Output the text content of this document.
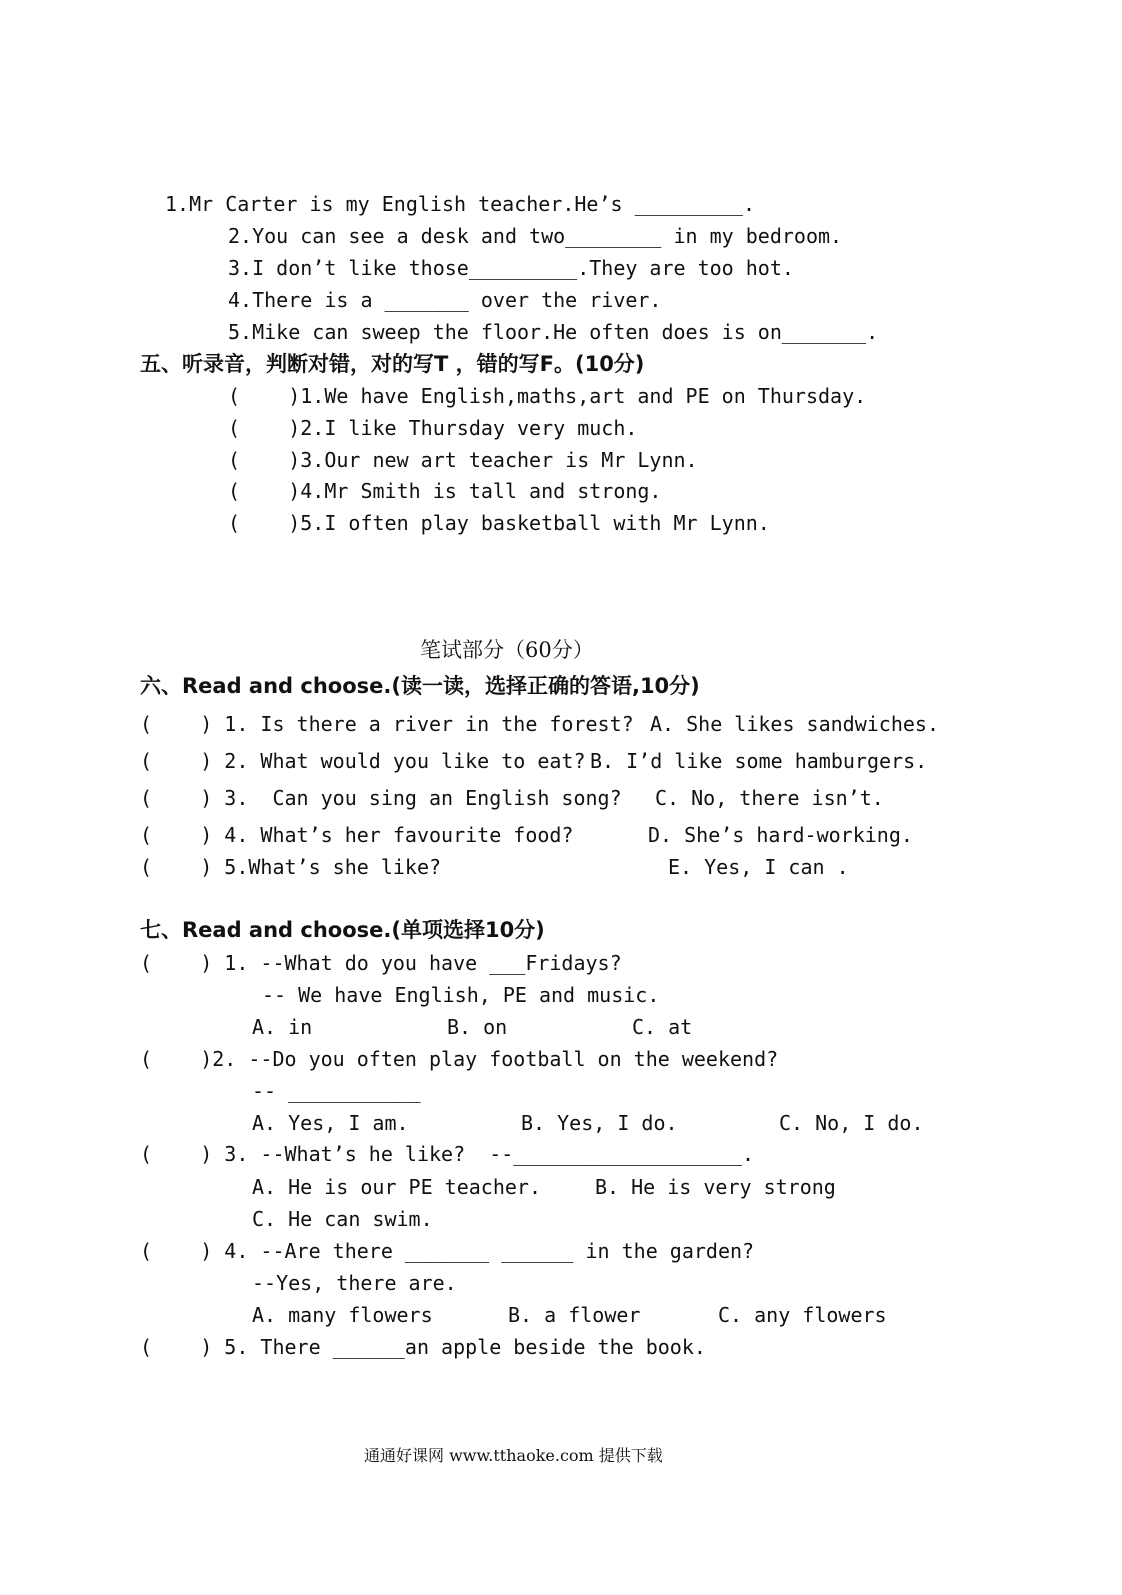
1.Mr Carter is my English teacher.He’s _________.
2.You can see a desk and two________ in my bedroom.
3.I don’t like those_________.They are too hot.
4.There is a _______ over the river.
5.Mike can sweep the floor.He often does is on_______.
五、听录音，判断对错，对的写T ，错的写F。(10分)
(    )1.We have English,maths,art and PE on Thursday.
(    )2.I like Thursday very much.
(    )3.Our new art teacher is Mr Lynn.
(    )4.Mr Smith is tall and strong.
(    )5.I often play basketball with Mr Lynn.
笔试部分（60分）
六、Read and choose.(读一读，选择正确的答语,10分)
(    ) 1. Is there a river in the forest? A. She likes sandwiches.
(    ) 2. What would you like to eat? B. I’d like some hamburgers.
(    ) 3.  Can you sing an English song? C. No, there isn’t.
(    ) 4. What’s her favourite food?	D. She’s hard-working.
(    ) 5.What’s she like?	E. Yes, I can .
七、Read and choose.(单项选择10分)
(    ) 1. --What do you have ___Fridays?
-- We have English, PE and music.
A. in	B. on	C. at
(    )2. --Do you often play football on the weekend?
-- ___________
A. Yes, I am.	B. Yes, I do.	C. No, I do.
(    ) 3. --What’s he like?  --___________________.
A. He is our PE teacher.	B. He is very strong
C. He can swim.
(    ) 4. --Are there _______ ______ in the garden?
--Yes, there are.
A. many flowers	B. a flower	C. any flowers
(    ) 5. There ______an apple beside the book.
通通好课网 www.tthaoke.com 提供下载
